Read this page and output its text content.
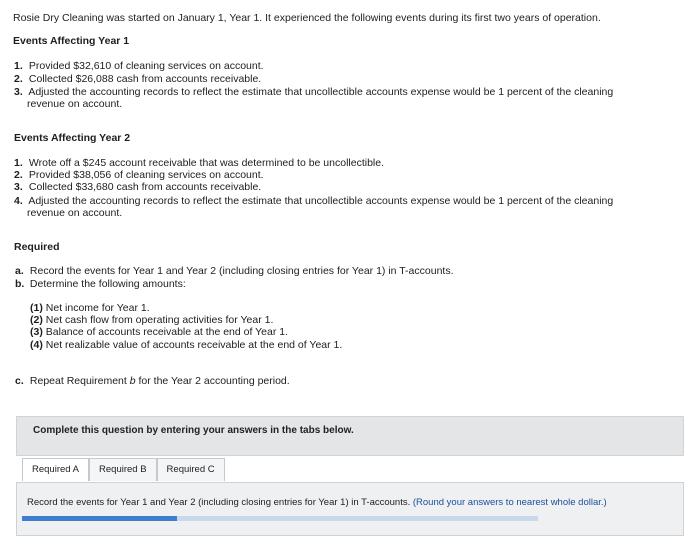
Rosie Dry Cleaning was started on January 1, Year 1. It experienced the following events during its first two years of operation.
Events Affecting Year 1
1. Provided $32,610 of cleaning services on account.
2. Collected $26,088 cash from accounts receivable.
3. Adjusted the accounting records to reflect the estimate that uncollectible accounts expense would be 1 percent of the cleaning
revenue on account.
Events Affecting Year 2
1. Wrote off a $245 account receivable that was determined to be uncollectible.
2. Provided $38,056 of cleaning services on account.
3. Collected $33,680 cash from accounts receivable.
4. Adjusted the accounting records to reflect the estimate that uncollectible accounts expense would be 1 percent of the cleaning
revenue on account.
Required
a. Record the events for Year 1 and Year 2 (including closing entries for Year 1) in T-accounts.
b. Determine the following amounts:
(1) Net income for Year 1.
(2) Net cash flow from operating activities for Year 1.
(3) Balance of accounts receivable at the end of Year 1.
(4) Net realizable value of accounts receivable at the end of Year 1.
c. Repeat Requirement b for the Year 2 accounting period.
Complete this question by entering your answers in the tabs below.
Required A	Required B	Required C
Record the events for Year 1 and Year 2 (including closing entries for Year 1) in T-accounts. (Round your answers to nearest whole dollar.)
